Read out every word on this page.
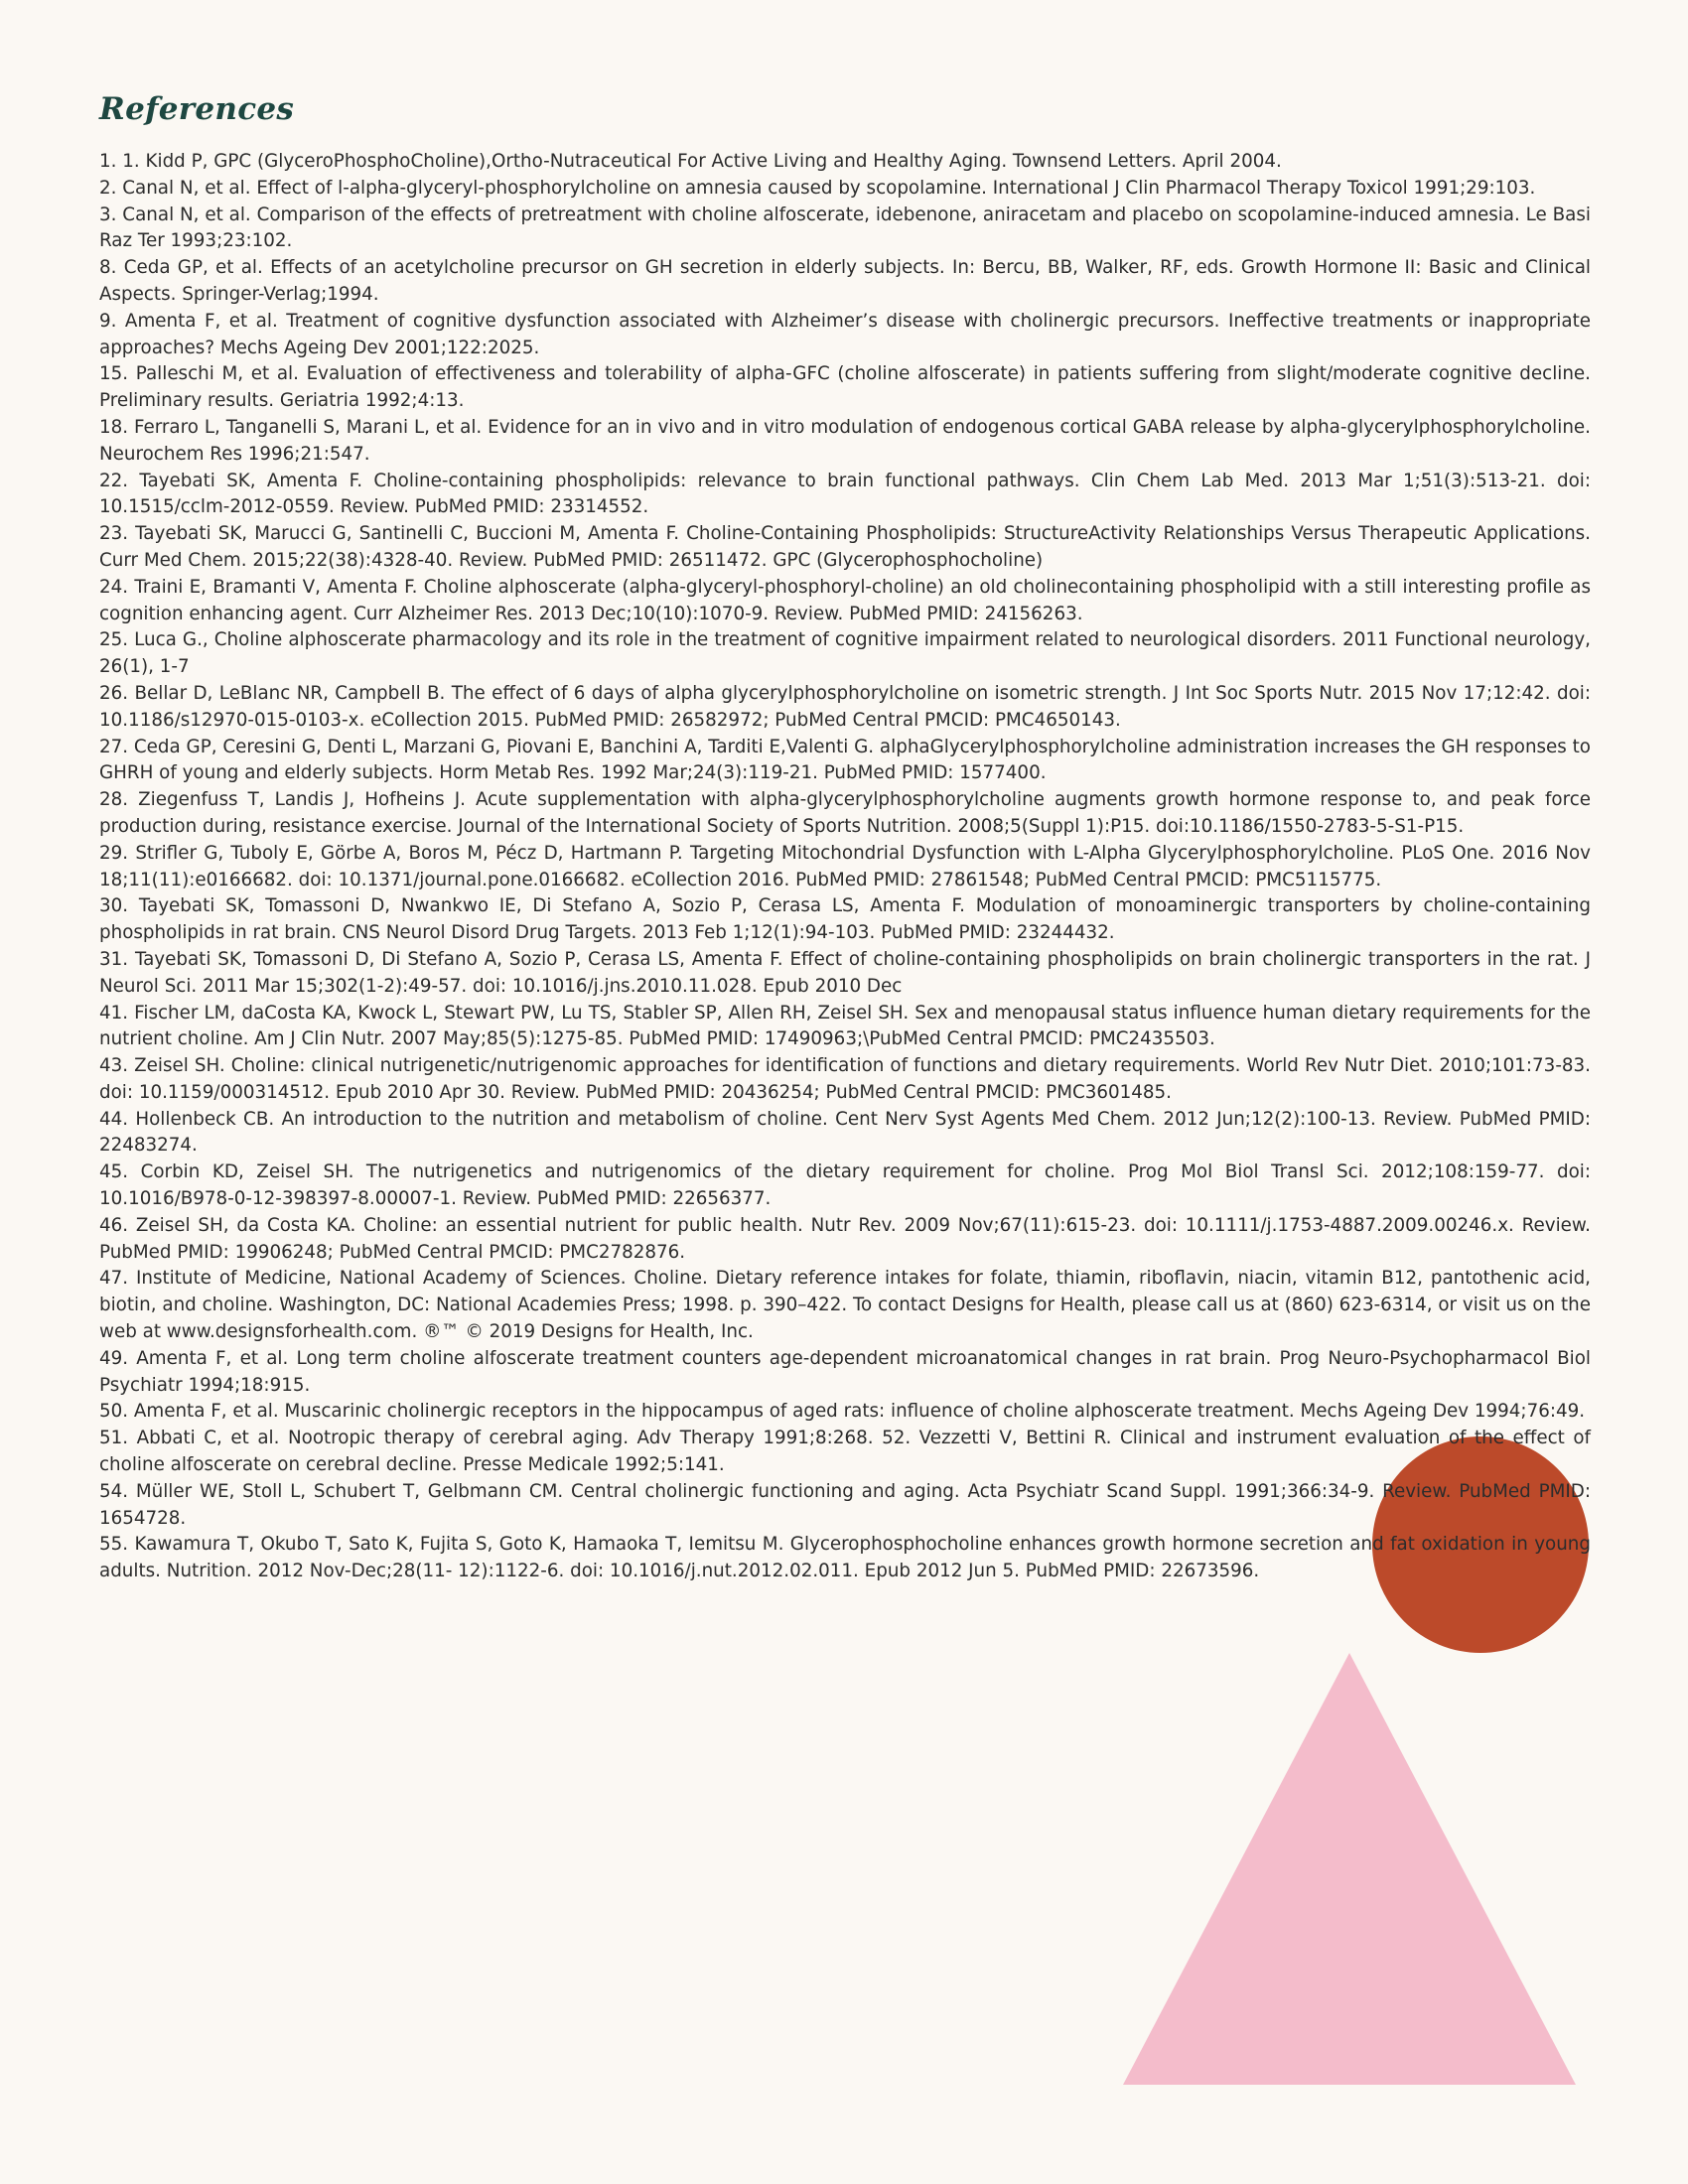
References
1. 1. Kidd P, GPC (GlyceroPhosphoCholine),Ortho-Nutraceutical For Active Living and Healthy Aging. Townsend Letters. April 2004.
2. Canal N, et al. Effect of l-alpha-glyceryl-phosphorylcholine on amnesia caused by scopolamine. International J Clin Pharmacol Therapy Toxicol 1991;29:103.
3. Canal N, et al. Comparison of the effects of pretreatment with choline alfoscerate, idebenone, aniracetam and placebo on scopolamine-induced amnesia. Le Basi Raz Ter 1993;23:102.
8. Ceda GP, et al. Effects of an acetylcholine precursor on GH secretion in elderly subjects. In: Bercu, BB, Walker, RF, eds. Growth Hormone II: Basic and Clinical Aspects. Springer-Verlag;1994.
9. Amenta F, et al. Treatment of cognitive dysfunction associated with Alzheimer’s disease with cholinergic precursors. Ineffective treatments or inappropriate approaches? Mechs Ageing Dev 2001;122:2025.
15. Palleschi M, et al. Evaluation of effectiveness and tolerability of alpha-GFC (choline alfoscerate) in patients suffering from slight/moderate cognitive decline. Preliminary results. Geriatria 1992;4:13.
18. Ferraro L, Tanganelli S, Marani L, et al. Evidence for an in vivo and in vitro modulation of endogenous cortical GABA release by alpha-glycerylphosphorylcholine. Neurochem Res 1996;21:547.
22. Tayebati SK, Amenta F. Choline-containing phospholipids: relevance to brain functional pathways. Clin Chem Lab Med. 2013 Mar 1;51(3):513-21. doi: 10.1515/cclm-2012-0559. Review. PubMed PMID: 23314552.
23. Tayebati SK, Marucci G, Santinelli C, Buccioni M, Amenta F. Choline-Containing Phospholipids: StructureActivity Relationships Versus Therapeutic Applications. Curr Med Chem. 2015;22(38):4328-40. Review. PubMed PMID: 26511472. GPC (Glycerophosphocholine)
24. Traini E, Bramanti V, Amenta F. Choline alphoscerate (alpha-glyceryl-phosphoryl-choline) an old cholinecontaining phospholipid with a still interesting profile as cognition enhancing agent. Curr Alzheimer Res. 2013 Dec;10(10):1070-9. Review. PubMed PMID: 24156263.
25. Luca G., Choline alphoscerate pharmacology and its role in the treatment of cognitive impairment related to neurological disorders. 2011 Functional neurology, 26(1), 1-7
26. Bellar D, LeBlanc NR, Campbell B. The effect of 6 days of alpha glycerylphosphorylcholine on isometric strength. J Int Soc Sports Nutr. 2015 Nov 17;12:42. doi: 10.1186/s12970-015-0103-x. eCollection 2015. PubMed PMID: 26582972; PubMed Central PMCID: PMC4650143.
27. Ceda GP, Ceresini G, Denti L, Marzani G, Piovani E, Banchini A, Tarditi E,Valenti G. alphaGlycerylphosphorylcholine administration increases the GH responses to GHRH of young and elderly subjects. Horm Metab Res. 1992 Mar;24(3):119-21. PubMed PMID: 1577400.
28. Ziegenfuss T, Landis J, Hofheins J. Acute supplementation with alpha-glycerylphosphorylcholine augments growth hormone response to, and peak force production during, resistance exercise. Journal of the International Society of Sports Nutrition. 2008;5(Suppl 1):P15. doi:10.1186/1550-2783-5-S1-P15.
29. Strifler G, Tuboly E, Görbe A, Boros M, Pécz D, Hartmann P. Targeting Mitochondrial Dysfunction with L-Alpha Glycerylphosphorylcholine. PLoS One. 2016 Nov 18;11(11):e0166682. doi: 10.1371/journal.pone.0166682. eCollection 2016. PubMed PMID: 27861548; PubMed Central PMCID: PMC5115775.
30. Tayebati SK, Tomassoni D, Nwankwo IE, Di Stefano A, Sozio P, Cerasa LS, Amenta F. Modulation of monoaminergic transporters by choline-containing phospholipids in rat brain. CNS Neurol Disord Drug Targets. 2013 Feb 1;12(1):94-103. PubMed PMID: 23244432.
31. Tayebati SK, Tomassoni D, Di Stefano A, Sozio P, Cerasa LS, Amenta F. Effect of choline-containing phospholipids on brain cholinergic transporters in the rat. J Neurol Sci. 2011 Mar 15;302(1-2):49-57. doi: 10.1016/j.jns.2010.11.028. Epub 2010 Dec
41. Fischer LM, daCosta KA, Kwock L, Stewart PW, Lu TS, Stabler SP, Allen RH, Zeisel SH. Sex and menopausal status influence human dietary requirements for the nutrient choline. Am J Clin Nutr. 2007 May;85(5):1275-85. PubMed PMID: 17490963;\PubMed Central PMCID: PMC2435503.
43. Zeisel SH. Choline: clinical nutrigenetic/nutrigenomic approaches for identification of functions and dietary requirements. World Rev Nutr Diet. 2010;101:73-83. doi: 10.1159/000314512. Epub 2010 Apr 30. Review. PubMed PMID: 20436254; PubMed Central PMCID: PMC3601485.
44. Hollenbeck CB. An introduction to the nutrition and metabolism of choline. Cent Nerv Syst Agents Med Chem. 2012 Jun;12(2):100-13. Review. PubMed PMID: 22483274.
45. Corbin KD, Zeisel SH. The nutrigenetics and nutrigenomics of the dietary requirement for choline. Prog Mol Biol Transl Sci. 2012;108:159-77. doi: 10.1016/B978-0-12-398397-8.00007-1. Review. PubMed PMID: 22656377.
46. Zeisel SH, da Costa KA. Choline: an essential nutrient for public health. Nutr Rev. 2009 Nov;67(11):615-23. doi: 10.1111/j.1753-4887.2009.00246.x. Review. PubMed PMID: 19906248; PubMed Central PMCID: PMC2782876.
47. Institute of Medicine, National Academy of Sciences. Choline. Dietary reference intakes for folate, thiamin, riboflavin, niacin, vitamin B12, pantothenic acid, biotin, and choline. Washington, DC: National Academies Press; 1998. p. 390–422. To contact Designs for Health, please call us at (860) 623-6314, or visit us on the web at www.designsforhealth.com. ®™ © 2019 Designs for Health, Inc.
49. Amenta F, et al. Long term choline alfoscerate treatment counters age-dependent microanatomical changes in rat brain. Prog Neuro-Psychopharmacol Biol Psychiatr 1994;18:915.
50. Amenta F, et al. Muscarinic cholinergic receptors in the hippocampus of aged rats: influence of choline alphoscerate treatment. Mechs Ageing Dev 1994;76:49.
51. Abbati C, et al. Nootropic therapy of cerebral aging. Adv Therapy 1991;8:268. 52. Vezzetti V, Bettini R. Clinical and instrument evaluation of the effect of choline alfoscerate on cerebral decline. Presse Medicale 1992;5:141.
54. Müller WE, Stoll L, Schubert T, Gelbmann CM. Central cholinergic functioning and aging. Acta Psychiatr Scand Suppl. 1991;366:34-9. Review. PubMed PMID: 1654728.
55. Kawamura T, Okubo T, Sato K, Fujita S, Goto K, Hamaoka T, Iemitsu M. Glycerophosphocholine enhances growth hormone secretion and fat oxidation in young adults. Nutrition. 2012 Nov-Dec;28(11- 12):1122-6. doi: 10.1016/j.nut.2012.02.011. Epub 2012 Jun 5. PubMed PMID: 22673596.
